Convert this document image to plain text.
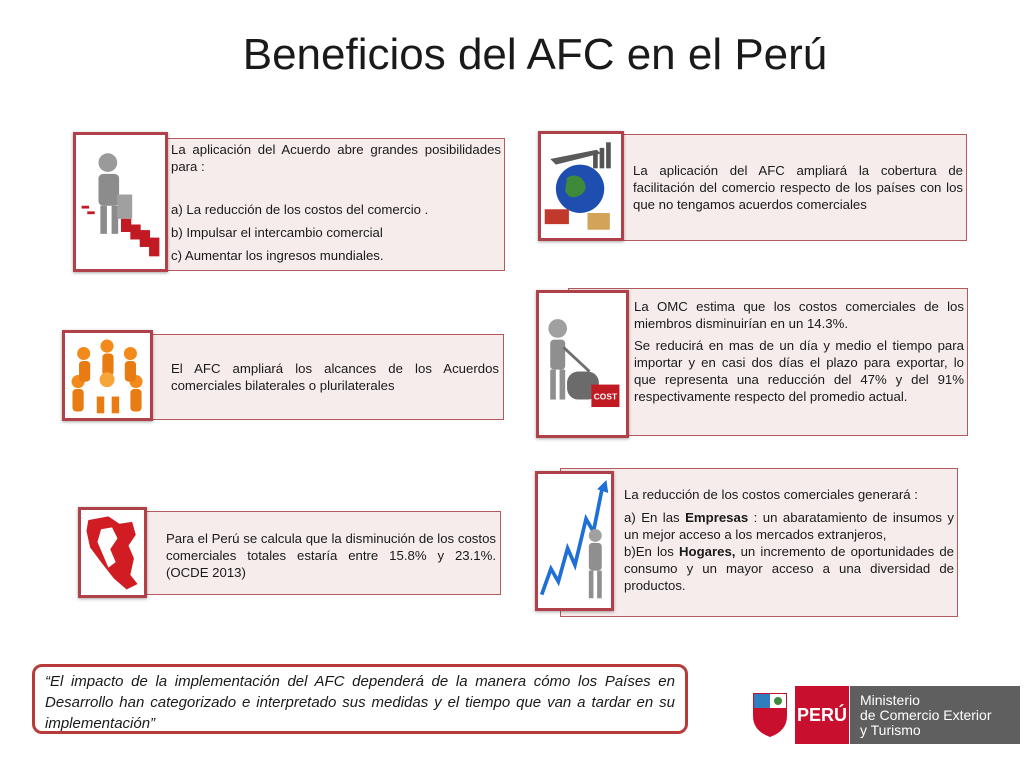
Beneficios del AFC en el Perú

La aplicación del Acuerdo abre grandes posibilidades para :

a) La reducción de los costos del comercio .

b) Impulsar el intercambio comercial

c) Aumentar los ingresos mundiales.

El AFC ampliará los alcances de los Acuerdos comerciales bilaterales o plurilaterales

Para el Perú se calcula que la disminución de los costos comerciales totales estaría entre 15.8% y 23.1%. (OCDE 2013)

La aplicación del AFC ampliará la cobertura de facilitación del comercio respecto de los países con los que no tengamos acuerdos comerciales

La OMC estima que los costos comerciales de los miembros disminuirían en un 14.3%.

Se reducirá en mas de un día y medio el tiempo para importar y en casi dos días el plazo para exportar, lo que representa una reducción del 47% y del 91% respectivamente respecto del promedio actual.

COST

La reducción de los costos comerciales generará :

a) En las Empresas : un abaratamiento de insumos y un mejor acceso a los mercados extranjeros,

b)En los Hogares, un incremento de oportunidades de consumo y un mayor acceso a una diversidad de productos.

“El impacto de la implementación del AFC dependerá de la manera cómo los Países en Desarrollo han categorizado e interpretado sus medidas y el tiempo que van a tardar en su implementación”	PERÚ
Ministerio
de Comercio Exterior
y Turismo
